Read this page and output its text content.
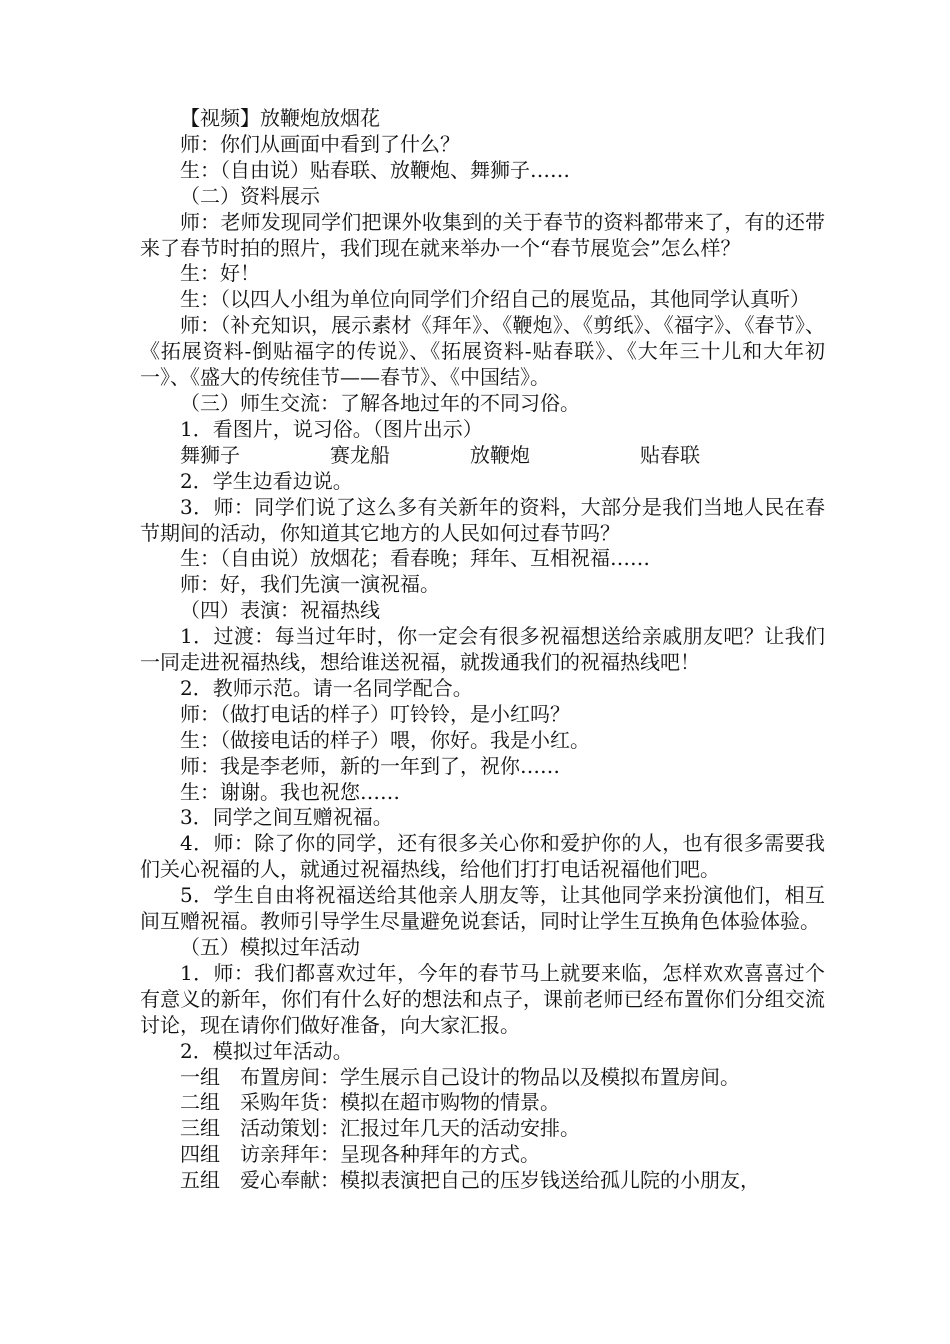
【视频】放鞭炮放烟花

师：你们从画面中看到了什么？

生：（自由说）贴春联、放鞭炮、舞狮子……

（二）资料展示

师：老师发现同学们把课外收集到的关于春节的资料都带来了，有的还带来了春节时拍的照片，我们现在就来举办一个“春节展览会”怎么样？

生：好！

生：（以四人小组为单位向同学们介绍自己的展览品，其他同学认真听）

师：（补充知识，展示素材《拜年》、《鞭炮》、《剪纸》、《福字》、《春节》、《拓展资料-倒贴福字的传说》、《拓展资料-贴春联》、《大年三十儿和大年初一》、《盛大的传统佳节——春节》、《中国结》。

（三）师生交流：了解各地过年的不同习俗。

1．看图片，说习俗。（图片出示）

舞狮子	赛龙船	放鞭炮	贴春联

2．学生边看边说。

3．师：同学们说了这么多有关新年的资料，大部分是我们当地人民在春节期间的活动，你知道其它地方的人民如何过春节吗？

生：（自由说）放烟花；看春晚；拜年、互相祝福……

师：好，我们先演一演祝福。

（四）表演：祝福热线

1．过渡：每当过年时，你一定会有很多祝福想送给亲戚朋友吧？让我们一同走进祝福热线，想给谁送祝福，就拨通我们的祝福热线吧！

2．教师示范。请一名同学配合。

师：（做打电话的样子）叮铃铃，是小红吗？

生：（做接电话的样子）喂，你好。我是小红。

师：我是李老师，新的一年到了，祝你……

生：谢谢。我也祝您……

3．同学之间互赠祝福。

4．师：除了你的同学，还有很多关心你和爱护你的人，也有很多需要我们关心祝福的人，就通过祝福热线，给他们打打电话祝福他们吧。

5．学生自由将祝福送给其他亲人朋友等，让其他同学来扮演他们，相互间互赠祝福。教师引导学生尽量避免说套话，同时让学生互换角色体验体验。

（五）模拟过年活动

1．师：我们都喜欢过年，今年的春节马上就要来临，怎样欢欢喜喜过个有意义的新年，你们有什么好的想法和点子，课前老师已经布置你们分组交流讨论，现在请你们做好准备，向大家汇报。

2．模拟过年活动。

一组	布置房间：学生展示自己设计的物品以及模拟布置房间。
二组	采购年货：模拟在超市购物的情景。
三组	活动策划：汇报过年几天的活动安排。
四组	访亲拜年：呈现各种拜年的方式。
五组	爱心奉献：模拟表演把自己的压岁钱送给孤儿院的小朋友，
